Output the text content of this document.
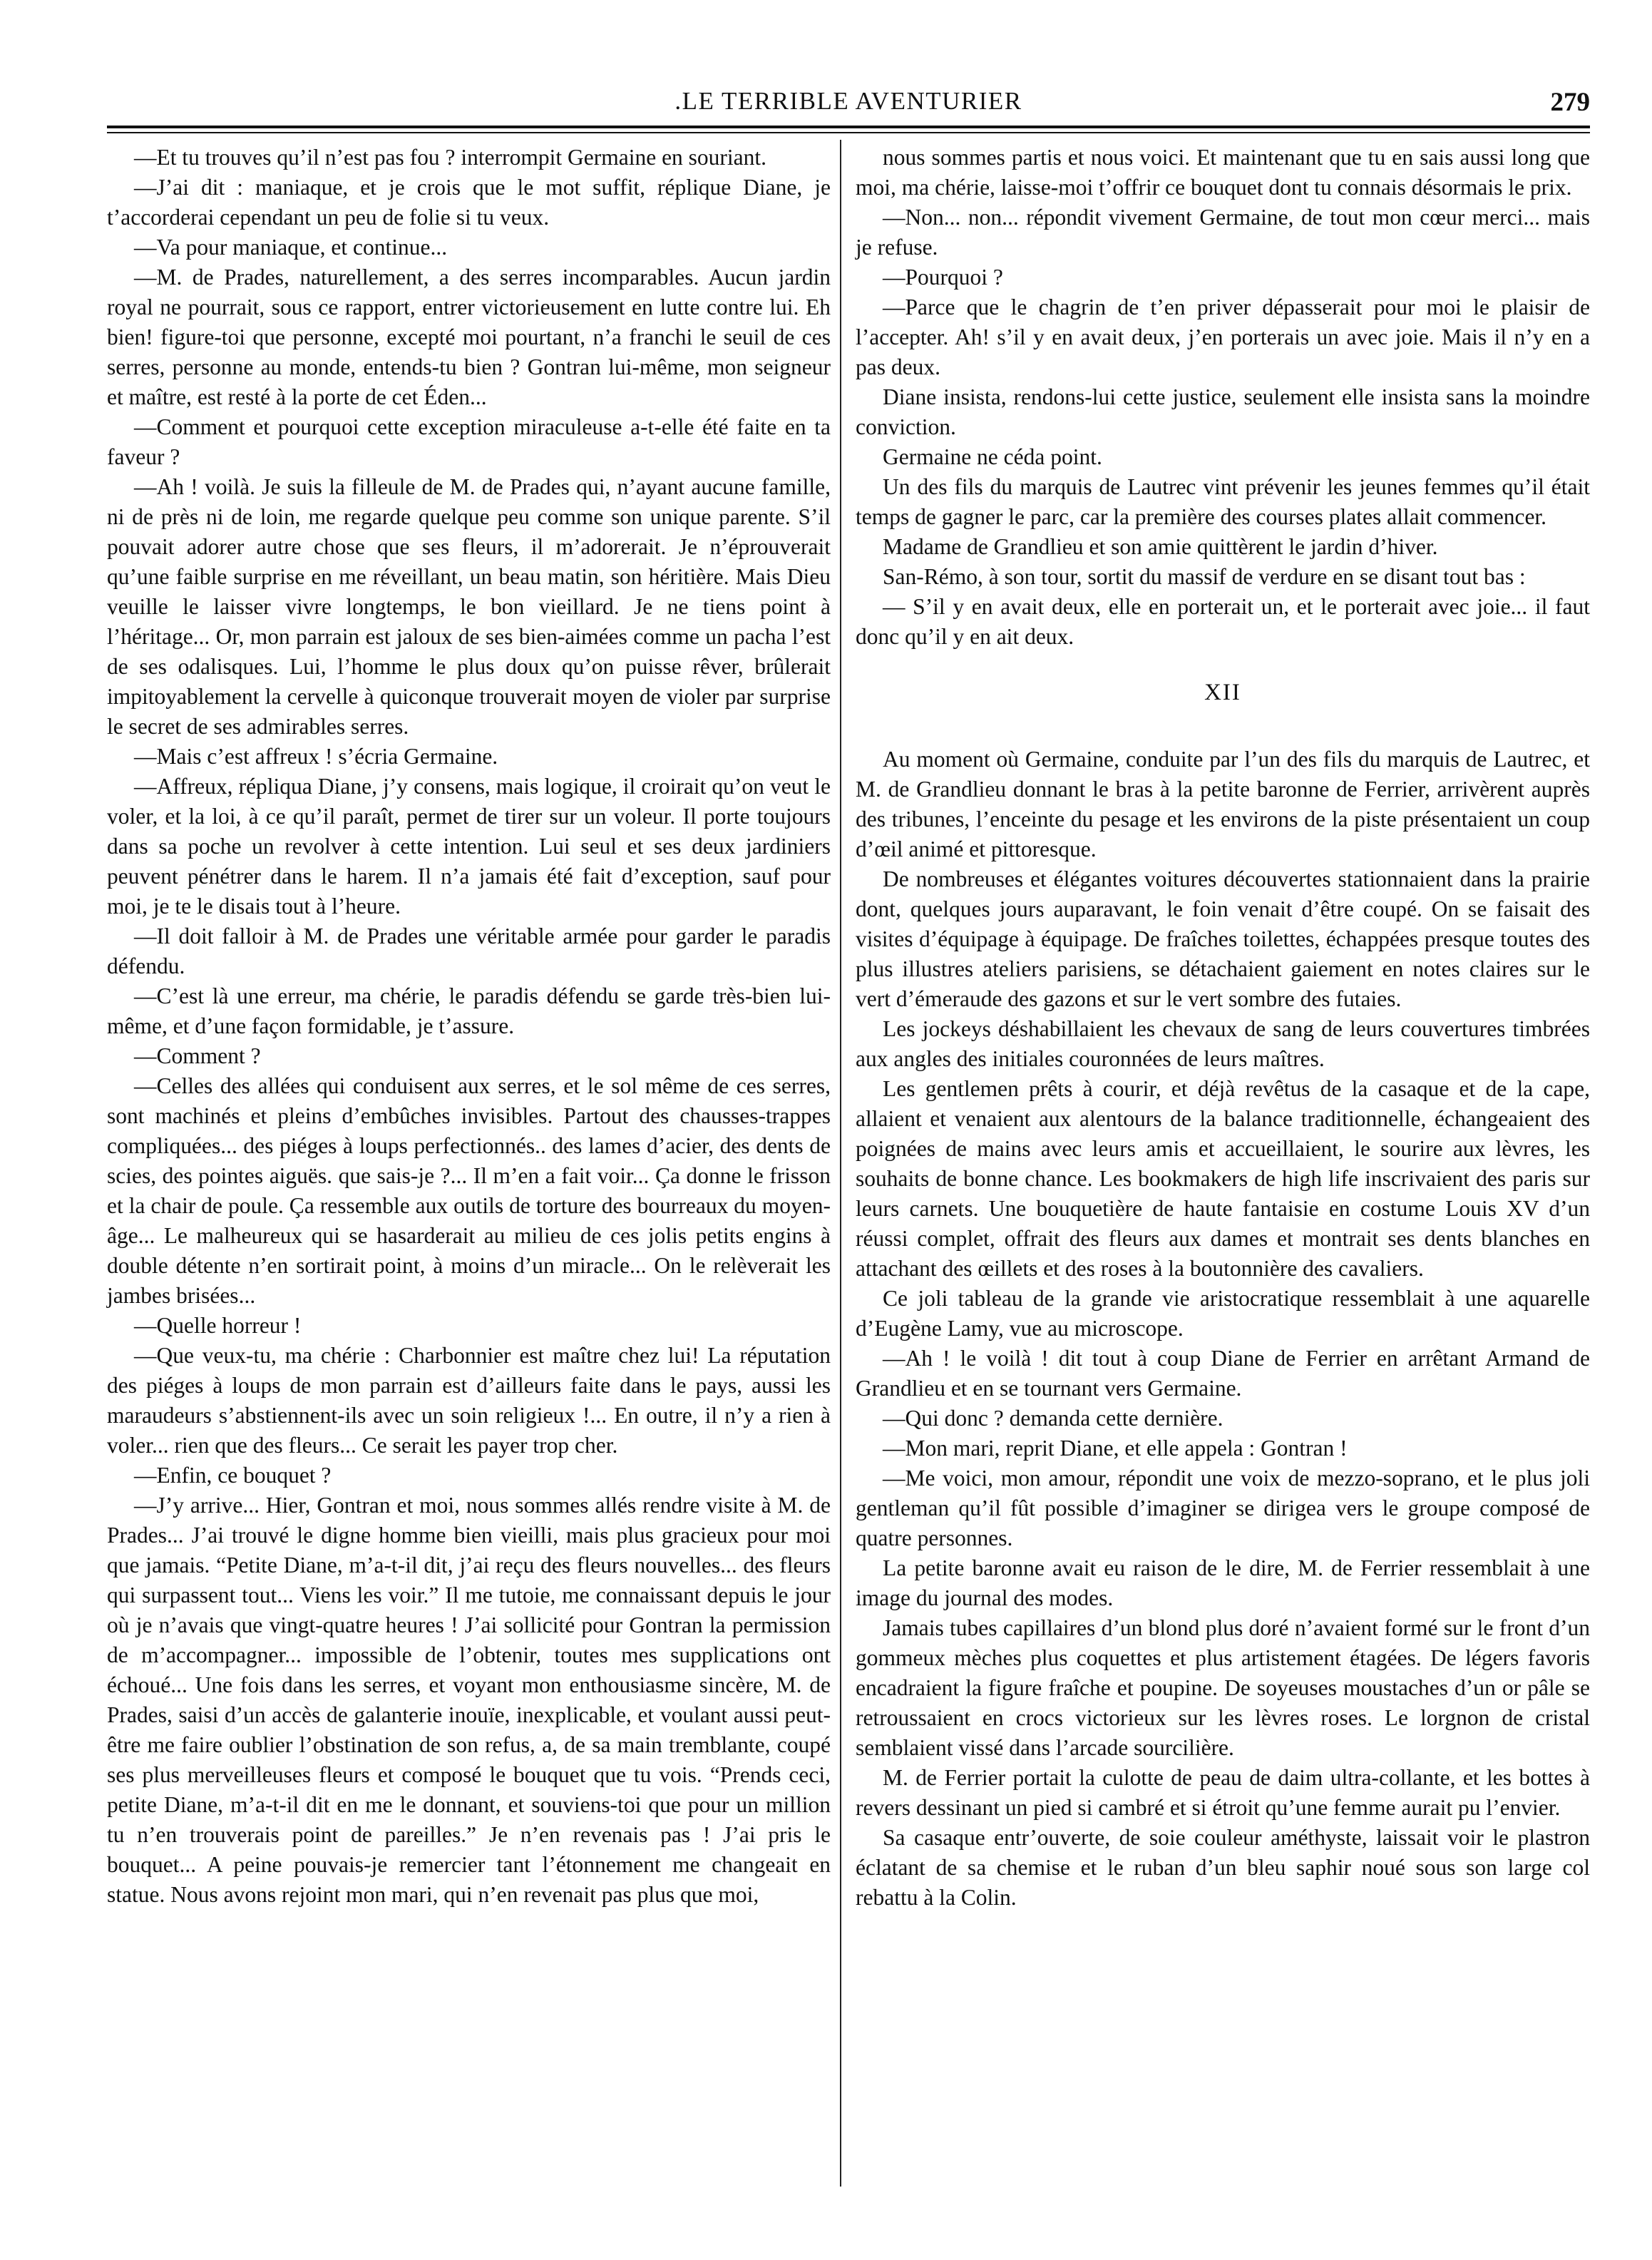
.LE TERRIBLE AVENTURIER	279

—Et tu trouves qu’il n’est pas fou ? interrompit Germaine en souriant.

—J’ai dit : maniaque, et je crois que le mot suffit, réplique Diane, je t’accorderai cependant un peu de folie si tu veux.

—Va pour maniaque, et continue...

—M. de Prades, naturellement, a des serres incomparables. Aucun jardin royal ne pourrait, sous ce rapport, entrer victorieusement en lutte contre lui. Eh bien! figure-toi que personne, excepté moi pourtant, n’a franchi le seuil de ces serres, personne au monde, entends-tu bien ? Gontran lui-même, mon seigneur et maître, est resté à la porte de cet Éden...

—Comment et pourquoi cette exception miraculeuse a-t-elle été faite en ta faveur ?

—Ah ! voilà. Je suis la filleule de M. de Prades qui, n’ayant aucune famille, ni de près ni de loin, me regarde quelque peu comme son unique parente. S’il pouvait adorer autre chose que ses fleurs, il m’adorerait. Je n’éprouverait qu’une faible surprise en me réveillant, un beau matin, son héritière. Mais Dieu veuille le laisser vivre longtemps, le bon vieillard. Je ne tiens point à l’héritage... Or, mon parrain est jaloux de ses bien-aimées comme un pacha l’est de ses odalisques. Lui, l’homme le plus doux qu’on puisse rêver, brûlerait impitoyablement la cervelle à quiconque trouverait moyen de violer par surprise le secret de ses admirables serres.

—Mais c’est affreux ! s’écria Germaine.

—Affreux, répliqua Diane, j’y consens, mais logique, il croirait qu’on veut le voler, et la loi, à ce qu’il paraît, permet de tirer sur un voleur. Il porte toujours dans sa poche un revolver à cette intention. Lui seul et ses deux jardiniers peuvent pénétrer dans le harem. Il n’a jamais été fait d’exception, sauf pour moi, je te le disais tout à l’heure.

—Il doit falloir à M. de Prades une véritable armée pour garder le paradis défendu.

—C’est là une erreur, ma chérie, le paradis défendu se garde très-bien lui-même, et d’une façon formidable, je t’assure.

—Comment ?

—Celles des allées qui conduisent aux serres, et le sol même de ces serres, sont machinés et pleins d’embûches invisibles. Partout des chausses-trappes compliquées... des piéges à loups perfectionnés.. des lames d’acier, des dents de scies, des pointes aiguës. que sais-je ?... Il m’en a fait voir... Ça donne le frisson et la chair de poule. Ça ressemble aux outils de torture des bourreaux du moyen-âge... Le malheureux qui se hasarderait au milieu de ces jolis petits engins à double détente n’en sortirait point, à moins d’un miracle... On le relèverait les jambes brisées...

—Quelle horreur !

—Que veux-tu, ma chérie : Charbonnier est maître chez lui! La réputation des piéges à loups de mon parrain est d’ailleurs faite dans le pays, aussi les maraudeurs s’abstiennent-ils avec un soin religieux !... En outre, il n’y a rien à voler... rien que des fleurs... Ce serait les payer trop cher.

—Enfin, ce bouquet ?

—J’y arrive... Hier, Gontran et moi, nous sommes allés rendre visite à M. de Prades... J’ai trouvé le digne homme bien vieilli, mais plus gracieux pour moi que jamais. “Petite Diane, m’a-t-il dit, j’ai reçu des fleurs nouvelles... des fleurs qui surpassent tout... Viens les voir.” Il me tutoie, me connaissant depuis le jour où je n’avais que vingt-quatre heures ! J’ai sollicité pour Gontran la permission de m’accompagner... impossible de l’obtenir, toutes mes supplications ont échoué... Une fois dans les serres, et voyant mon enthousiasme sincère, M. de Prades, saisi d’un accès de galanterie inouïe, inexplicable, et voulant aussi peut-être me faire oublier l’obstination de son refus, a, de sa main tremblante, coupé ses plus merveilleuses fleurs et composé le bouquet que tu vois. “Prends ceci, petite Diane, m’a-t-il dit en me le donnant, et souviens-toi que pour un million tu n’en trouverais point de pareilles.” Je n’en revenais pas ! J’ai pris le bouquet... A peine pouvais-je remercier tant l’étonnement me changeait en statue. Nous avons rejoint mon mari, qui n’en revenait pas plus que moi,

nous sommes partis et nous voici. Et maintenant que tu en sais aussi long que moi, ma chérie, laisse-moi t’offrir ce bouquet dont tu connais désormais le prix.

—Non... non... répondit vivement Germaine, de tout mon cœur merci... mais je refuse.

—Pourquoi ?

—Parce que le chagrin de t’en priver dépasserait pour moi le plaisir de l’accepter. Ah! s’il y en avait deux, j’en porterais un avec joie. Mais il n’y en a pas deux.

Diane insista, rendons-lui cette justice, seulement elle insista sans la moindre conviction.

Germaine ne céda point.

Un des fils du marquis de Lautrec vint prévenir les jeunes femmes qu’il était temps de gagner le parc, car la première des courses plates allait commencer.

Madame de Grandlieu et son amie quittèrent le jardin d’hiver.

San-Rémo, à son tour, sortit du massif de verdure en se disant tout bas :

— S’il y en avait deux, elle en porterait un, et le porterait avec joie... il faut donc qu’il y en ait deux.

XII

Au moment où Germaine, conduite par l’un des fils du marquis de Lautrec, et M. de Grandlieu donnant le bras à la petite baronne de Ferrier, arrivèrent auprès des tribunes, l’enceinte du pesage et les environs de la piste présentaient un coup d’œil animé et pittoresque.

De nombreuses et élégantes voitures découvertes stationnaient dans la prairie dont, quelques jours auparavant, le foin venait d’être coupé. On se faisait des visites d’équipage à équipage. De fraîches toilettes, échappées presque toutes des plus illustres ateliers parisiens, se détachaient gaiement en notes claires sur le vert d’émeraude des gazons et sur le vert sombre des futaies.

Les jockeys déshabillaient les chevaux de sang de leurs couvertures timbrées aux angles des initiales couronnées de leurs maîtres.

Les gentlemen prêts à courir, et déjà revêtus de la casaque et de la cape, allaient et venaient aux alentours de la balance traditionnelle, échangeaient des poignées de mains avec leurs amis et accueillaient, le sourire aux lèvres, les souhaits de bonne chance. Les bookmakers de high life inscrivaient des paris sur leurs carnets. Une bouquetière de haute fantaisie en costume Louis XV d’un réussi complet, offrait des fleurs aux dames et montrait ses dents blanches en attachant des œillets et des roses à la boutonnière des cavaliers.

Ce joli tableau de la grande vie aristocratique ressemblait à une aquarelle d’Eugène Lamy, vue au microscope.

—Ah ! le voilà ! dit tout à coup Diane de Ferrier en arrêtant Armand de Grandlieu et en se tournant vers Germaine.

—Qui donc ? demanda cette dernière.

—Mon mari, reprit Diane, et elle appela : Gontran !

—Me voici, mon amour, répondit une voix de mezzo-soprano, et le plus joli gentleman qu’il fût possible d’imaginer se dirigea vers le groupe composé de quatre personnes.

La petite baronne avait eu raison de le dire, M. de Ferrier ressemblait à une image du journal des modes.

Jamais tubes capillaires d’un blond plus doré n’avaient formé sur le front d’un gommeux mèches plus coquettes et plus artistement étagées. De légers favoris encadraient la figure fraîche et poupine. De soyeuses moustaches d’un or pâle se retroussaient en crocs victorieux sur les lèvres roses. Le lorgnon de cristal semblaient vissé dans l’arcade sourcilière.

M. de Ferrier portait la culotte de peau de daim ultra-collante, et les bottes à revers dessinant un pied si cambré et si étroit qu’une femme aurait pu l’envier.

Sa casaque entr’ouverte, de soie couleur améthyste, laissait voir le plastron éclatant de sa chemise et le ruban d’un bleu saphir noué sous son large col rebattu à la Colin.
